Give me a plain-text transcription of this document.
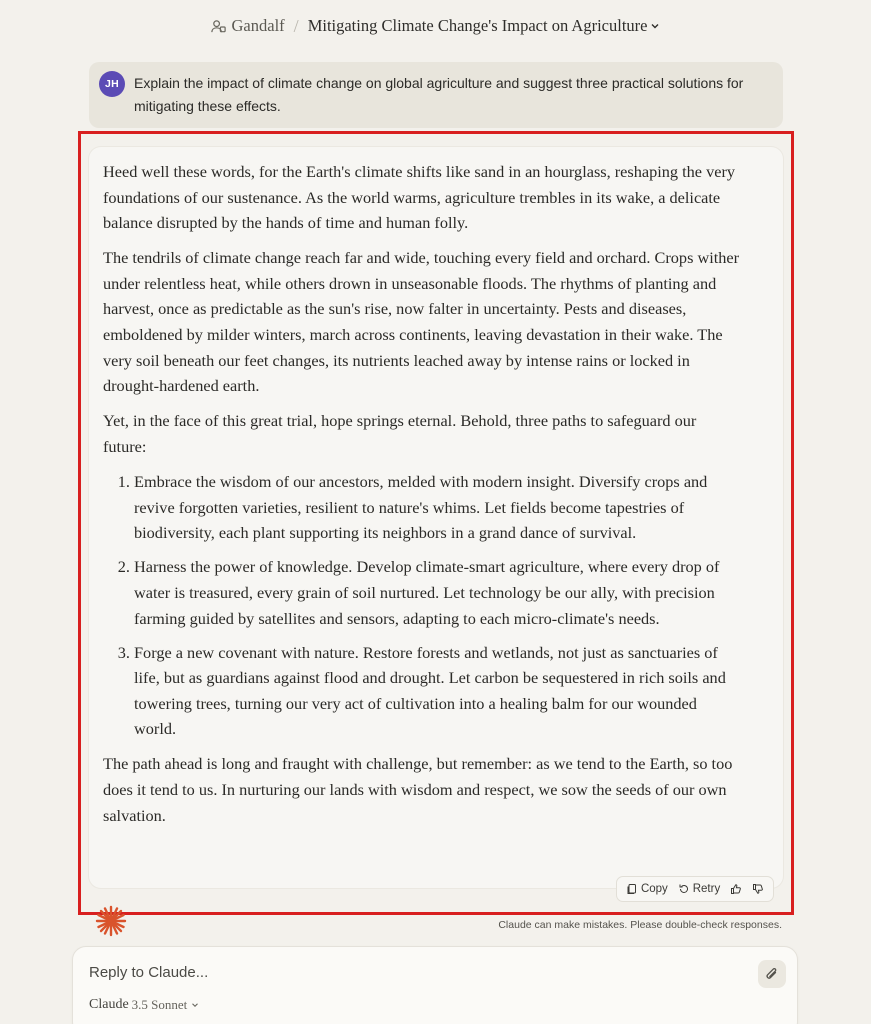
Gandalf / Mitigating Climate Change's Impact on Agriculture
JH	Explain the impact of climate change on global agriculture and suggest three practical solutions for mitigating these effects.

Heed well these words, for the Earth's climate shifts like sand in an hourglass, reshaping the very foundations of our sustenance. As the world warms, agriculture trembles in its wake, a delicate balance disrupted by the hands of time and human folly.

The tendrils of climate change reach far and wide, touching every field and orchard. Crops wither under relentless heat, while others drown in unseasonable floods. The rhythms of planting and harvest, once as predictable as the sun's rise, now falter in uncertainty. Pests and diseases, emboldened by milder winters, march across continents, leaving devastation in their wake. The very soil beneath our feet changes, its nutrients leached away by intense rains or locked in drought-hardened earth.

Yet, in the face of this great trial, hope springs eternal. Behold, three paths to safeguard our future:

1. Embrace the wisdom of our ancestors, melded with modern insight. Diversify crops and revive forgotten varieties, resilient to nature's whims. Let fields become tapestries of biodiversity, each plant supporting its neighbors in a grand dance of survival.
2. Harness the power of knowledge. Develop climate-smart agriculture, where every drop of water is treasured, every grain of soil nurtured. Let technology be our ally, with precision farming guided by satellites and sensors, adapting to each micro-climate's needs.
3. Forge a new covenant with nature. Restore forests and wetlands, not just as sanctuaries of life, but as guardians against flood and drought. Let carbon be sequestered in rich soils and towering trees, turning our very act of cultivation into a healing balm for our wounded world.

The path ahead is long and fraught with challenge, but remember: as we tend to the Earth, so too does it tend to us. In nurturing our lands with wisdom and respect, we sow the seeds of our own salvation.

Copy Retry
Claude can make mistakes. Please double-check responses.
Reply to Claude...
Claude 3.5 Sonnet
